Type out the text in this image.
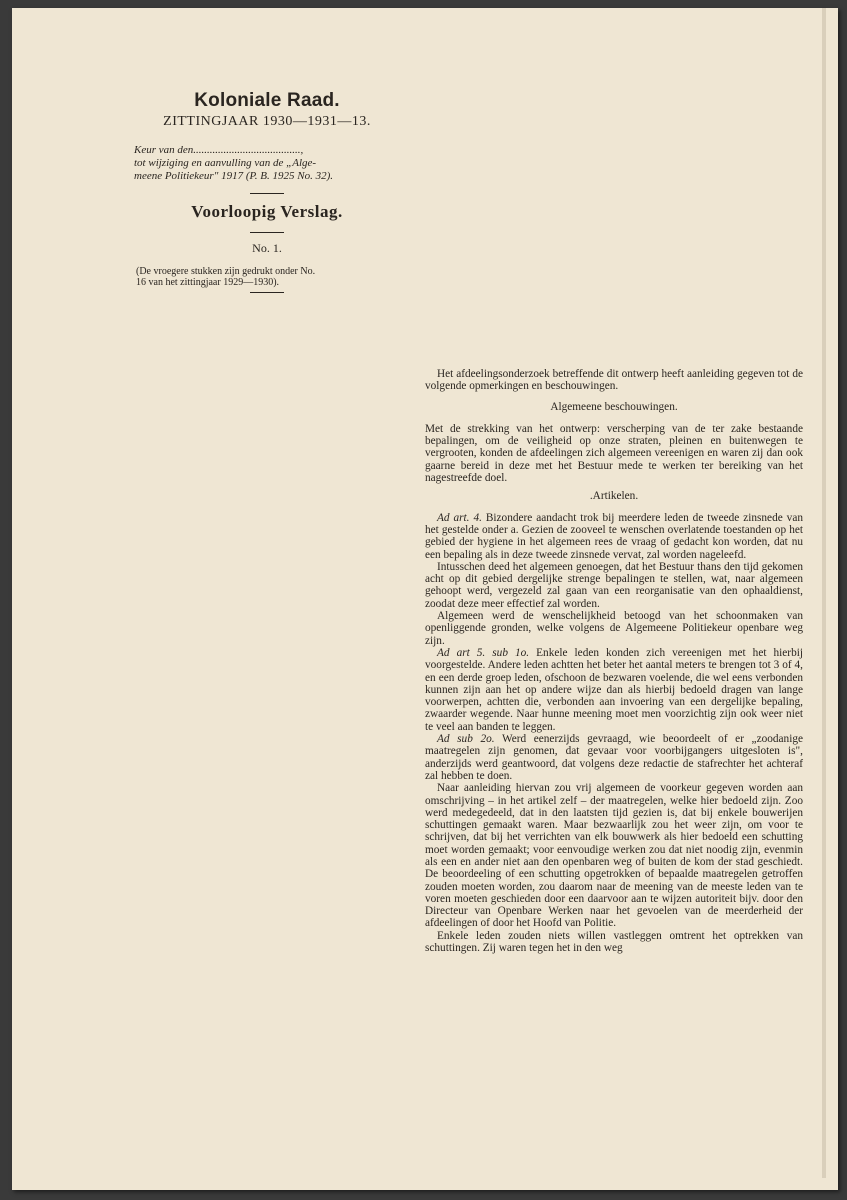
Koloniale Raad.
ZITTINGJAAR 1930—1931—13.
Keur van den.......................................,
tot wijziging en aanvulling van de „Alge-
meene Politiekeur" 1917 (P. B. 1925 No. 32).
Voorloopig Verslag.
No. 1.
(De vroegere stukken zijn gedrukt onder No.
16 van het zittingjaar 1929—1930).

Het afdeelingsonderzoek betreffende dit ontwerp heeft aanleiding gegeven tot de volgende opmerkingen en beschouwingen.

Algemeene beschouwingen.

Met de strekking van het ontwerp: verscherping van de ter zake bestaande bepalingen, om de veiligheid op onze straten, pleinen en buitenwegen te vergrooten, konden de afdeelingen zich algemeen vereenigen en waren zij dan ook gaarne bereid in deze met het Bestuur mede te werken ter bereiking van het nagestreefde doel.

.Artikelen.

Ad art. 4. Bizondere aandacht trok bij meerdere leden de tweede zinsnede van het gestelde onder a. Gezien de zooveel te wenschen overlatende toestanden op het gebied der hygiene in het algemeen rees de vraag of gedacht kon worden, dat nu een bepaling als in deze tweede zinsnede vervat, zal worden nageleefd.

Intusschen deed het algemeen genoegen, dat het Bestuur thans den tijd gekomen acht op dit gebied dergelijke strenge bepalingen te stellen, wat, naar algemeen gehoopt werd, vergezeld zal gaan van een reorganisatie van den ophaaldienst, zoodat deze meer effectief zal worden.

Algemeen werd de wenschelijkheid betoogd van het schoonmaken van openliggende gronden, welke volgens de Algemeene Politiekeur openbare weg zijn.

Ad art 5. sub 1o. Enkele leden konden zich vereenigen met het hierbij voorgestelde. Andere leden achtten het beter het aantal meters te brengen tot 3 of 4, en een derde groep leden, ofschoon de bezwaren voelende, die wel eens verbonden kunnen zijn aan het op andere wijze dan als hierbij bedoeld dragen van lange voorwerpen, achtten die, verbonden aan invoering van een dergelijke bepaling, zwaarder wegende. Naar hunne meening moet men voorzichtig zijn ook weer niet te veel aan banden te leggen.

Ad sub 2o. Werd eenerzijds gevraagd, wie beoordeelt of er „zoodanige maatregelen zijn genomen, dat gevaar voor voorbijgangers uitgesloten is", anderzijds werd geantwoord, dat volgens deze redactie de stafrechter het achteraf zal hebben te doen.

Naar aanleiding hiervan zou vrij algemeen de voorkeur gegeven worden aan omschrijving – in het artikel zelf – der maatregelen, welke hier bedoeld zijn. Zoo werd medegedeeld, dat in den laatsten tijd gezien is, dat bij enkele bouwerijen schuttingen gemaakt waren. Maar bezwaarlijk zou het weer zijn, om voor te schrijven, dat bij het verrichten van elk bouwwerk als hier bedoeld een schutting moet worden gemaakt; voor eenvoudige werken zou dat niet noodig zijn, evenmin als een en ander niet aan den openbaren weg of buiten de kom der stad geschiedt. De beoordeeling of een schutting opgetrokken of bepaalde maatregelen getroffen zouden moeten worden, zou daarom naar de meening van de meeste leden van te voren moeten geschieden door een daarvoor aan te wijzen autoriteit bijv. door den Directeur van Openbare Werken naar het gevoelen van de meerderheid der afdeelingen of door het Hoofd van Politie.

Enkele leden zouden niets willen vastleggen omtrent het optrekken van schuttingen. Zij waren tegen het in den weg
